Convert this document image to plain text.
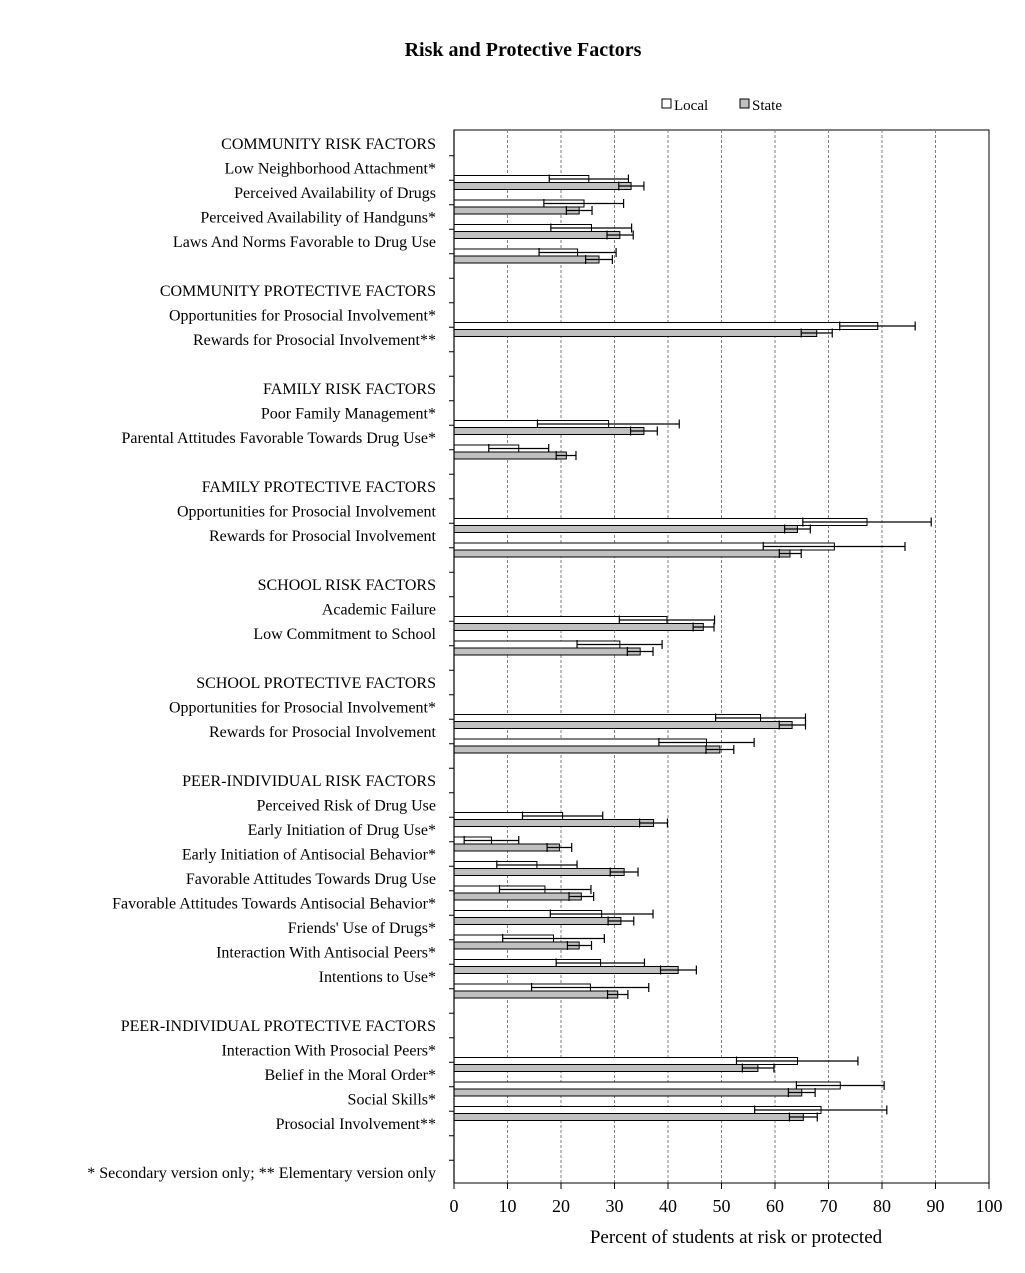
Risk and Protective Factors
Local	State
COMMUNITY RISK FACTORS
Low Neighborhood Attachment*
Perceived Availability of Drugs
Perceived Availability of Handguns*
Laws And Norms Favorable to Drug Use
COMMUNITY PROTECTIVE FACTORS
Opportunities for Prosocial Involvement*
Rewards for Prosocial Involvement**
FAMILY RISK FACTORS
Poor Family Management*
Parental Attitudes Favorable Towards Drug Use*
FAMILY PROTECTIVE FACTORS
Opportunities for Prosocial Involvement
Rewards for Prosocial Involvement
SCHOOL RISK FACTORS
Academic Failure
Low Commitment to School
SCHOOL PROTECTIVE FACTORS
Opportunities for Prosocial Involvement*
Rewards for Prosocial Involvement
PEER-INDIVIDUAL RISK FACTORS
Perceived Risk of Drug Use
Early Initiation of Drug Use*
Early Initiation of Antisocial Behavior*
Favorable Attitudes Towards Drug Use
Favorable Attitudes Towards Antisocial Behavior*
Friends' Use of Drugs*
Interaction With Antisocial Peers*
Intentions to Use*
PEER-INDIVIDUAL PROTECTIVE FACTORS
Interaction With Prosocial Peers*
Belief in the Moral Order*
Social Skills*
Prosocial Involvement**
* Secondary version only; ** Elementary version only
0 10 20 30 40 50 60 70 80 90 100
Percent of students at risk or protected
